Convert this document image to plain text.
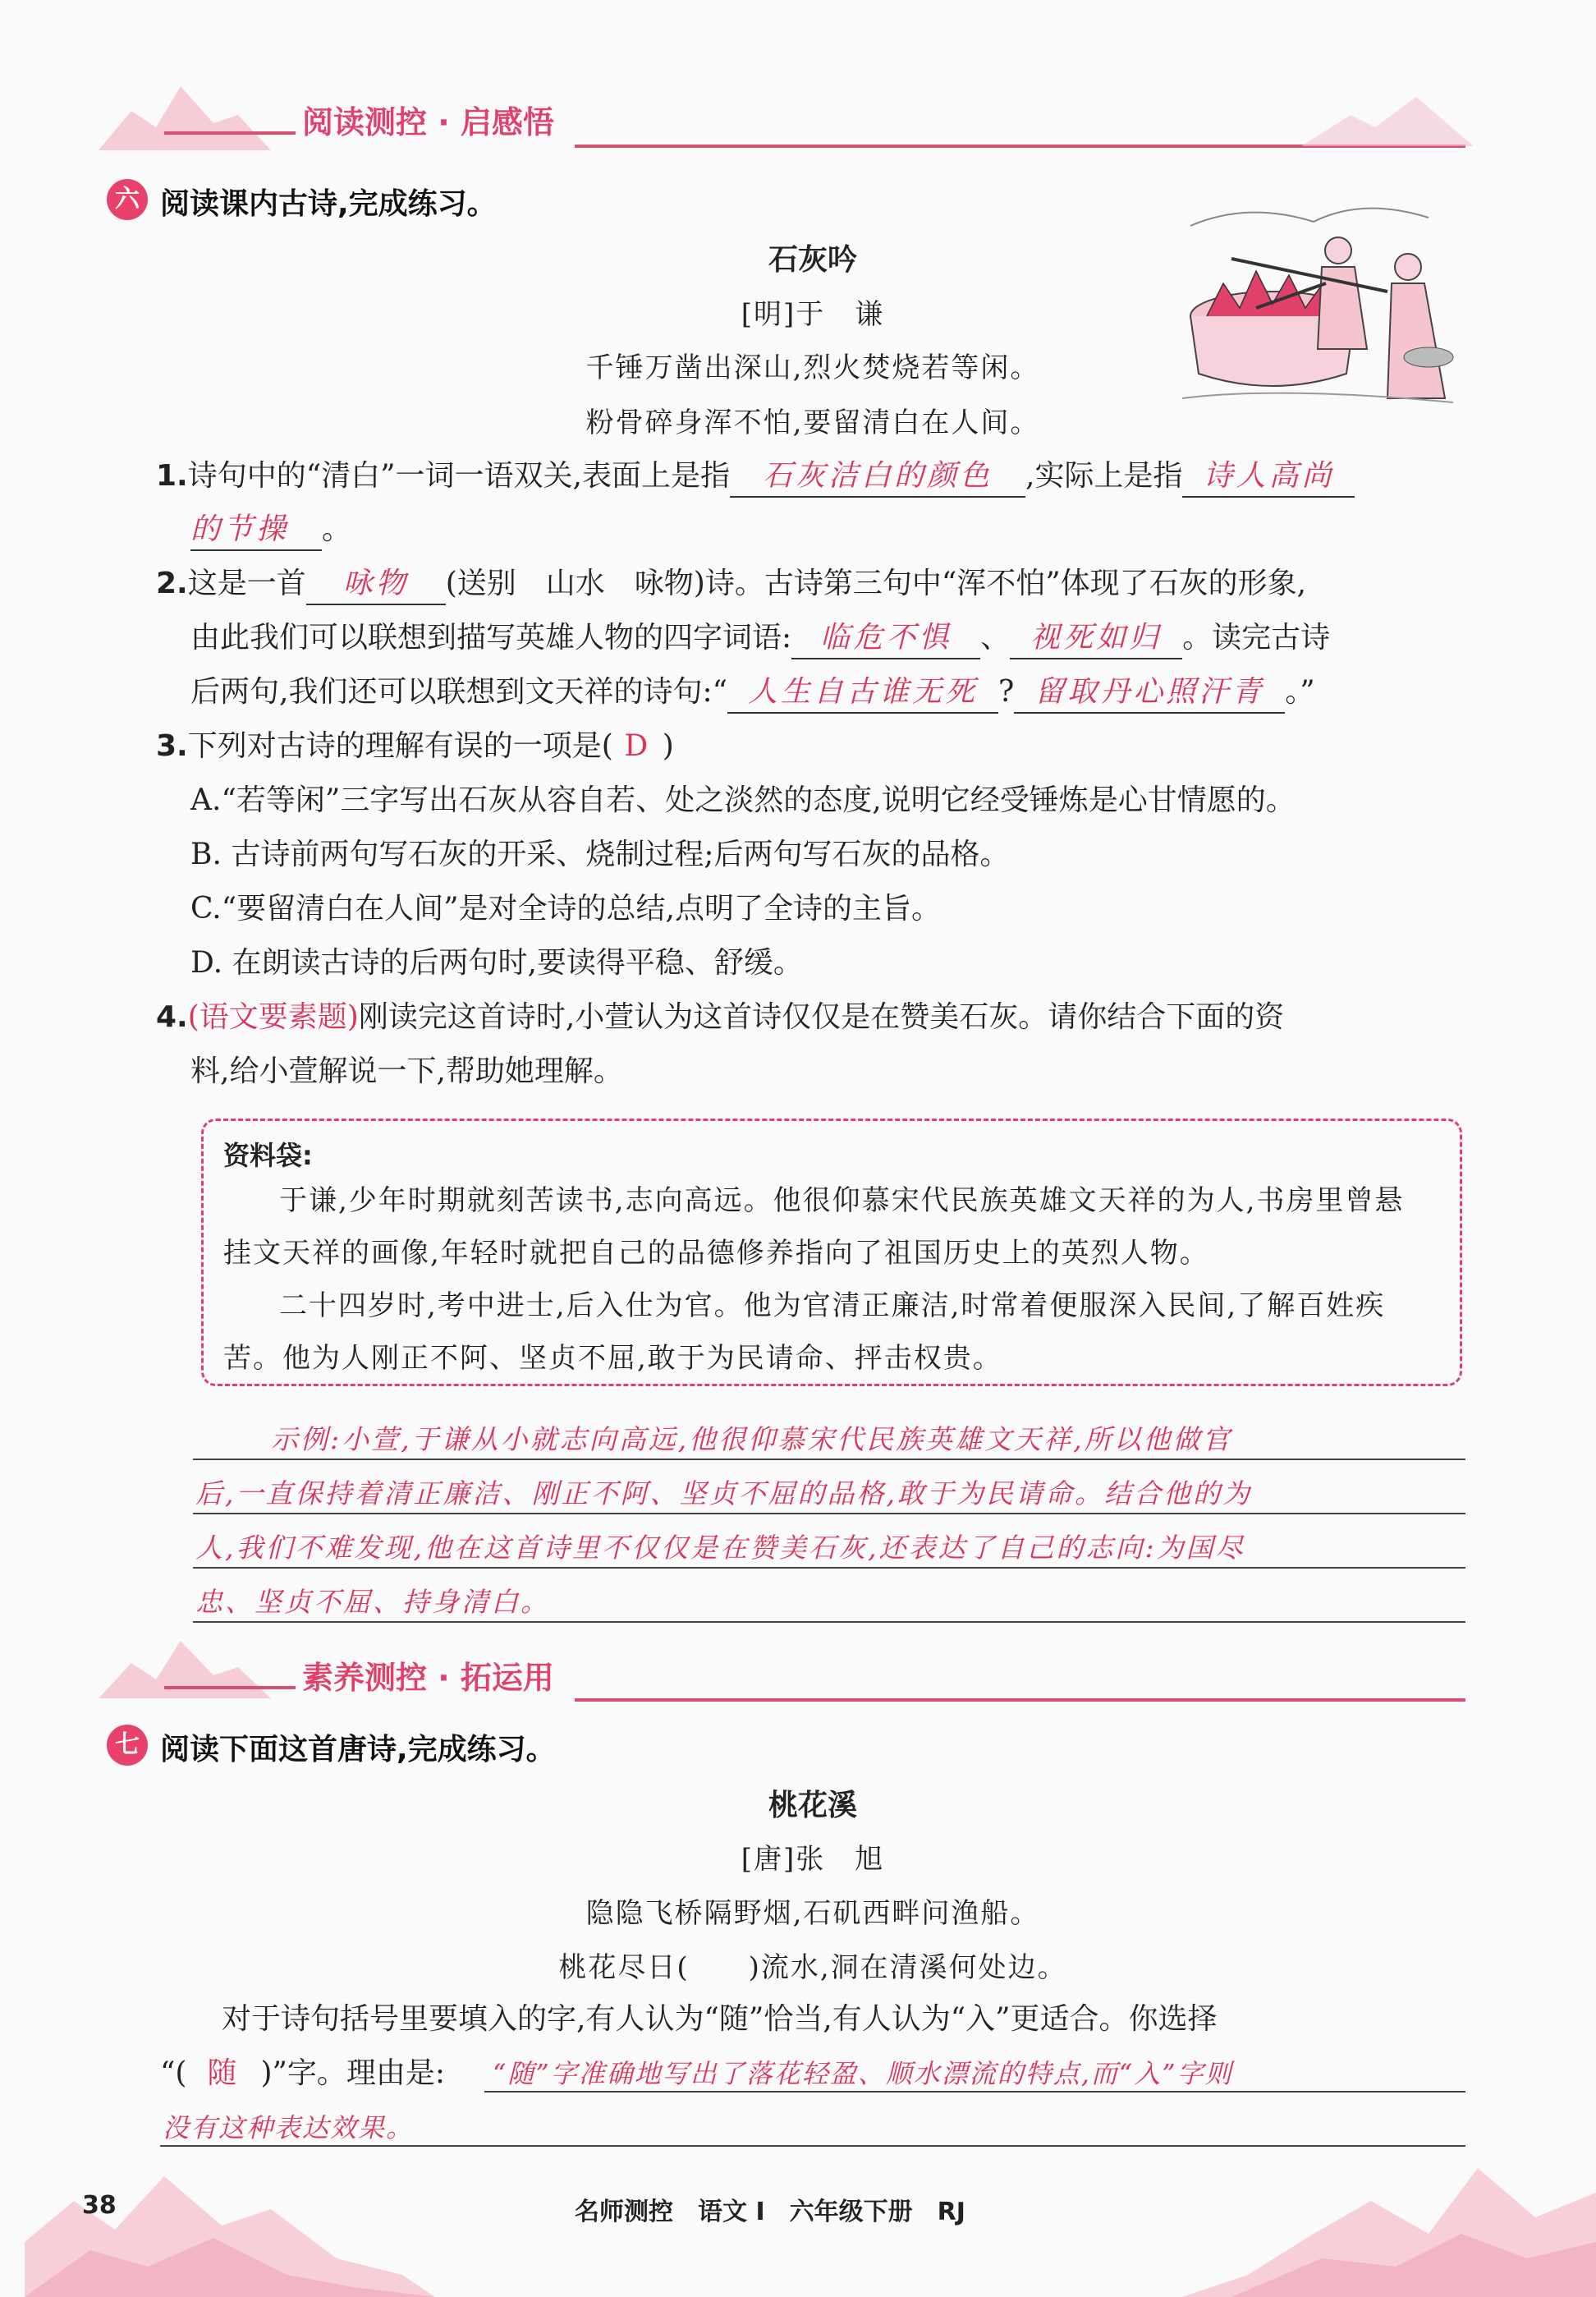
阅读测控 · 启感悟
六 阅读课内古诗,完成练习。
石灰吟
[明]于　谦
千锤万凿出深山,烈火焚烧若等闲。
粉骨碎身浑不怕,要留清白在人间。
1.诗句中的“清白”一词一语双关,表面上是指 石灰洁白的颜色 ,实际上是指 诗人高尚
的节操 。
2.这是一首 咏物 (送别　山水　咏物)诗。古诗第三句中“浑不怕”体现了石灰的形象,
由此我们可以联想到描写英雄人物的四字词语: 临危不惧 、 视死如归 。读完古诗
后两句,我们还可以联想到文天祥的诗句:“ 人生自古谁无死 ? 留取丹心照汗青 。”
3.下列对古诗的理解有误的一项是( D )
A.“若等闲”三字写出石灰从容自若、处之淡然的态度,说明它经受锤炼是心甘情愿的。
B. 古诗前两句写石灰的开采、烧制过程;后两句写石灰的品格。
C.“要留清白在人间”是对全诗的总结,点明了全诗的主旨。
D. 在朗读古诗的后两句时,要读得平稳、舒缓。
4.(语文要素题)刚读完这首诗时,小萱认为这首诗仅仅是在赞美石灰。请你结合下面的资
料,给小萱解说一下,帮助她理解。
资料袋:
于谦,少年时期就刻苦读书,志向高远。他很仰慕宋代民族英雄文天祥的为人,书房里曾悬
挂文天祥的画像,年轻时就把自己的品德修养指向了祖国历史上的英烈人物。
二十四岁时,考中进士,后入仕为官。他为官清正廉洁,时常着便服深入民间,了解百姓疾
苦。他为人刚正不阿、坚贞不屈,敢于为民请命、抨击权贵。
示例:小萱,于谦从小就志向高远,他很仰慕宋代民族英雄文天祥,所以他做官
后,一直保持着清正廉洁、刚正不阿、坚贞不屈的品格,敢于为民请命。结合他的为
人,我们不难发现,他在这首诗里不仅仅是在赞美石灰,还表达了自己的志向:为国尽
忠、坚贞不屈、持身清白。
素养测控 · 拓运用
七 阅读下面这首唐诗,完成练习。
桃花溪
[唐]张　旭
隐隐飞桥隔野烟,石矶西畔问渔船。
桃花尽日(　　)流水,洞在清溪何处边。
对于诗句括号里要填入的字,有人认为“随”恰当,有人认为“入”更适合。你选择
“( 随 )”字。理由是:	“随”字准确地写出了落花轻盈、顺水漂流的特点,而“入”字则
没有这种表达效果。
38	名师测控　语文 Ⅰ　六年级下册　RJ
